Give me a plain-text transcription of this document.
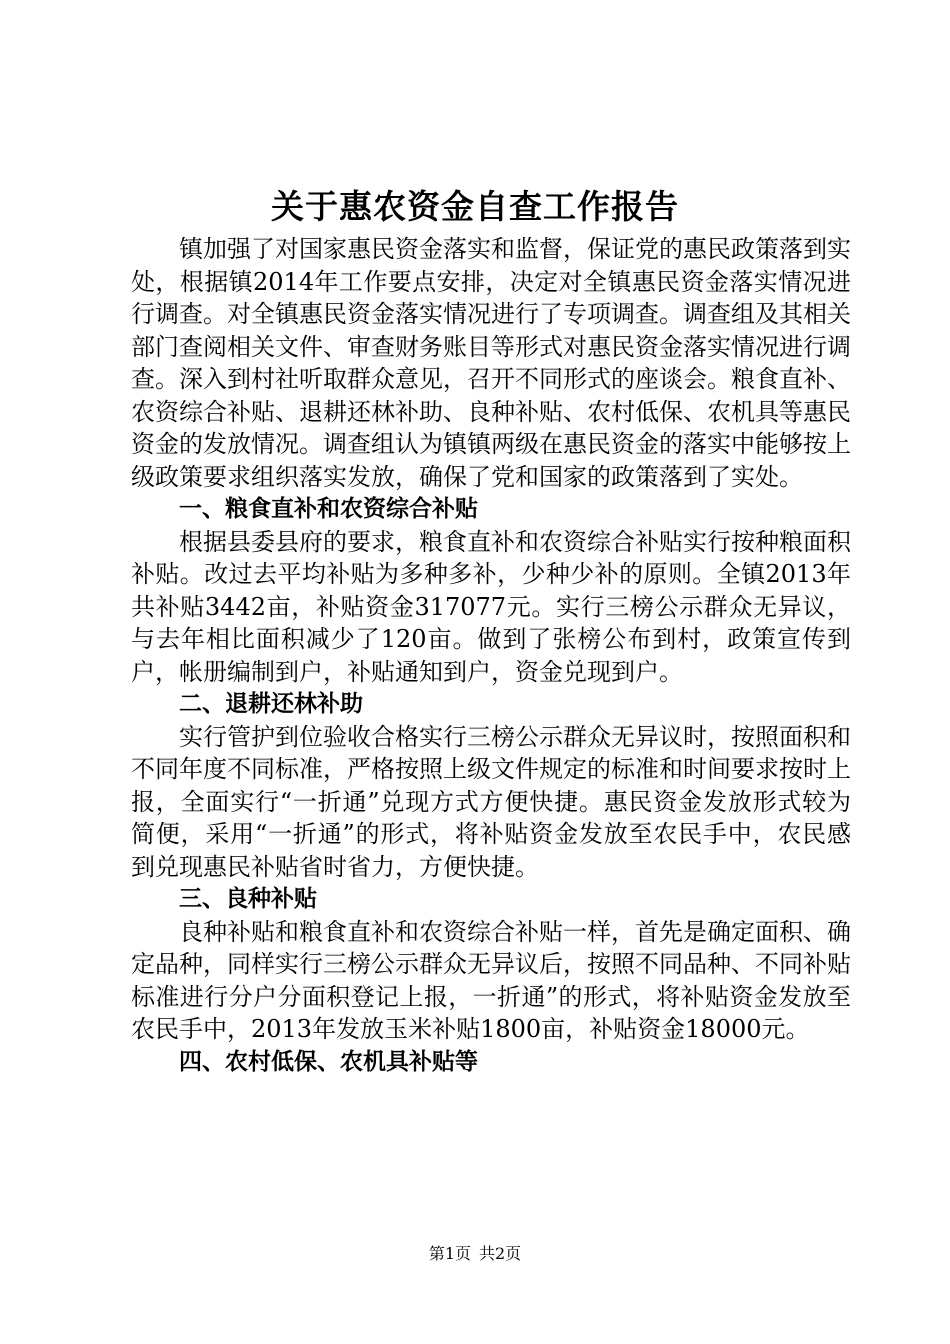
关于惠农资金自查工作报告

镇加强了对国家惠民资金落实和监督，保证党的惠民政策落到实处，根据镇2014年工作要点安排，决定对全镇惠民资金落实情况进行调查。对全镇惠民资金落实情况进行了专项调查。调查组及其相关部门查阅相关文件、审查财务账目等形式对惠民资金落实情况进行调查。深入到村社听取群众意见，召开不同形式的座谈会。粮食直补、农资综合补贴、退耕还林补助、良种补贴、农村低保、农机具等惠民资金的发放情况。调查组认为镇镇两级在惠民资金的落实中能够按上级政策要求组织落实发放，确保了党和国家的政策落到了实处。

一、粮食直补和农资综合补贴

根据县委县府的要求，粮食直补和农资综合补贴实行按种粮面积补贴。改过去平均补贴为多种多补，少种少补的原则。全镇2013年共补贴3442亩，补贴资金317077元。实行三榜公示群众无异议，与去年相比面积减少了120亩。做到了张榜公布到村，政策宣传到户，帐册编制到户，补贴通知到户，资金兑现到户。

二、退耕还林补助

实行管护到位验收合格实行三榜公示群众无异议时，按照面积和不同年度不同标准，严格按照上级文件规定的标准和时间要求按时上报，全面实行“一折通”兑现方式方便快捷。惠民资金发放形式较为简便，采用“一折通”的形式，将补贴资金发放至农民手中，农民感到兑现惠民补贴省时省力，方便快捷。

三、良种补贴

良种补贴和粮食直补和农资综合补贴一样，首先是确定面积、确定品种，同样实行三榜公示群众无异议后，按照不同品种、不同补贴标准进行分户分面积登记上报，一折通”的形式，将补贴资金发放至农民手中，2013年发放玉米补贴1800亩，补贴资金18000元。

四、农村低保、农机具补贴等

第1页 共2页
